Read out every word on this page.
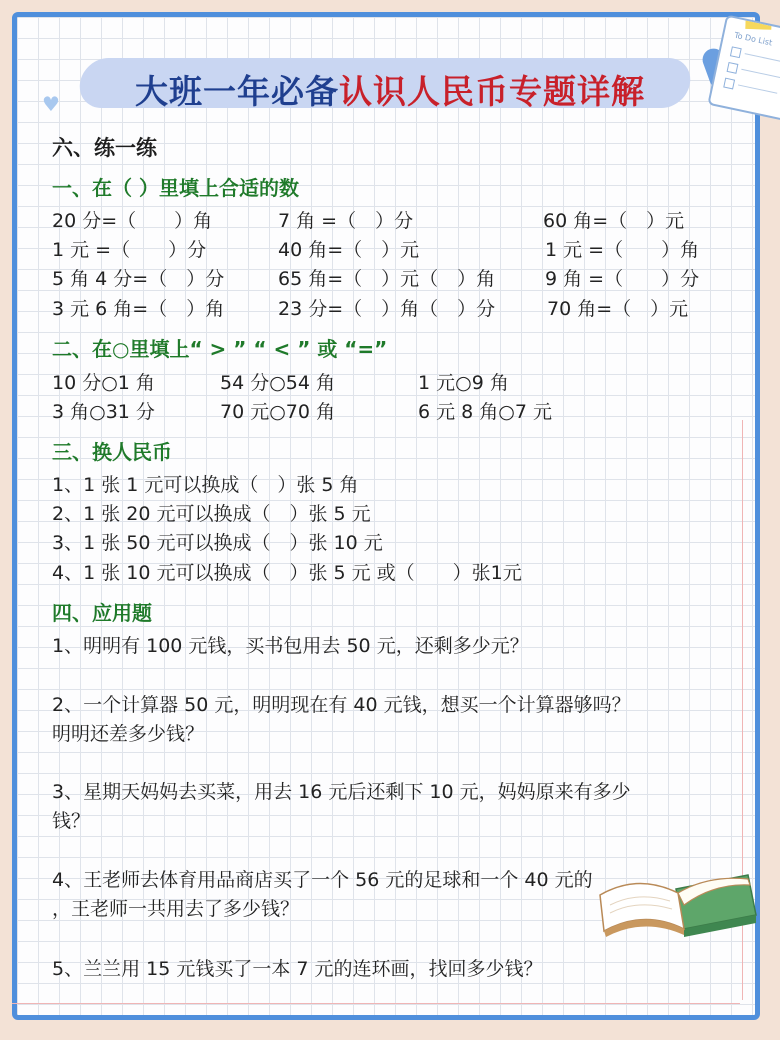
大班一年必备认识人民币专题详解
♥
To Do List
六、练一练
一、在（ ）里填上合适的数
20 分=（　　）角	7 角 =（　）分	60 角=（　）元
1 元 =（　　）分	40 角=（　）元	1 元 =（　　）角
5 角 4 分=（　）分	65 角=（　）元（　）角	9 角 =（　　）分
3 元 6 角=（　）角	23 分=（　）角（　）分	70 角=（　）元
二、在○里填上“ > ” “ < ” 或 “=”
10 分○1 角	54 分○54 角	1 元○9 角
3 角○31 分	70 元○70 角	6 元 8 角○7 元
三、换人民币
1、1 张 1 元可以换成（　）张 5 角
2、1 张 20 元可以换成（　）张 5 元
3、1 张 50 元可以换成（　）张 10 元
4、1 张 10 元可以换成（　）张 5 元 或（　　）张1元
四、应用题
1、明明有 100 元钱，买书包用去 50 元，还剩多少元？
2、一个计算器 50 元，明明现在有 40 元钱，想买一个计算器够吗？
明明还差多少钱？
3、星期天妈妈去买菜，用去 16 元后还剩下 10 元，妈妈原来有多少
钱？
4、王老师去体育用品商店买了一个 56 元的足球和一个 40 元的
，王老师一共用去了多少钱？
5、兰兰用 15 元钱买了一本 7 元的连环画，找回多少钱？
